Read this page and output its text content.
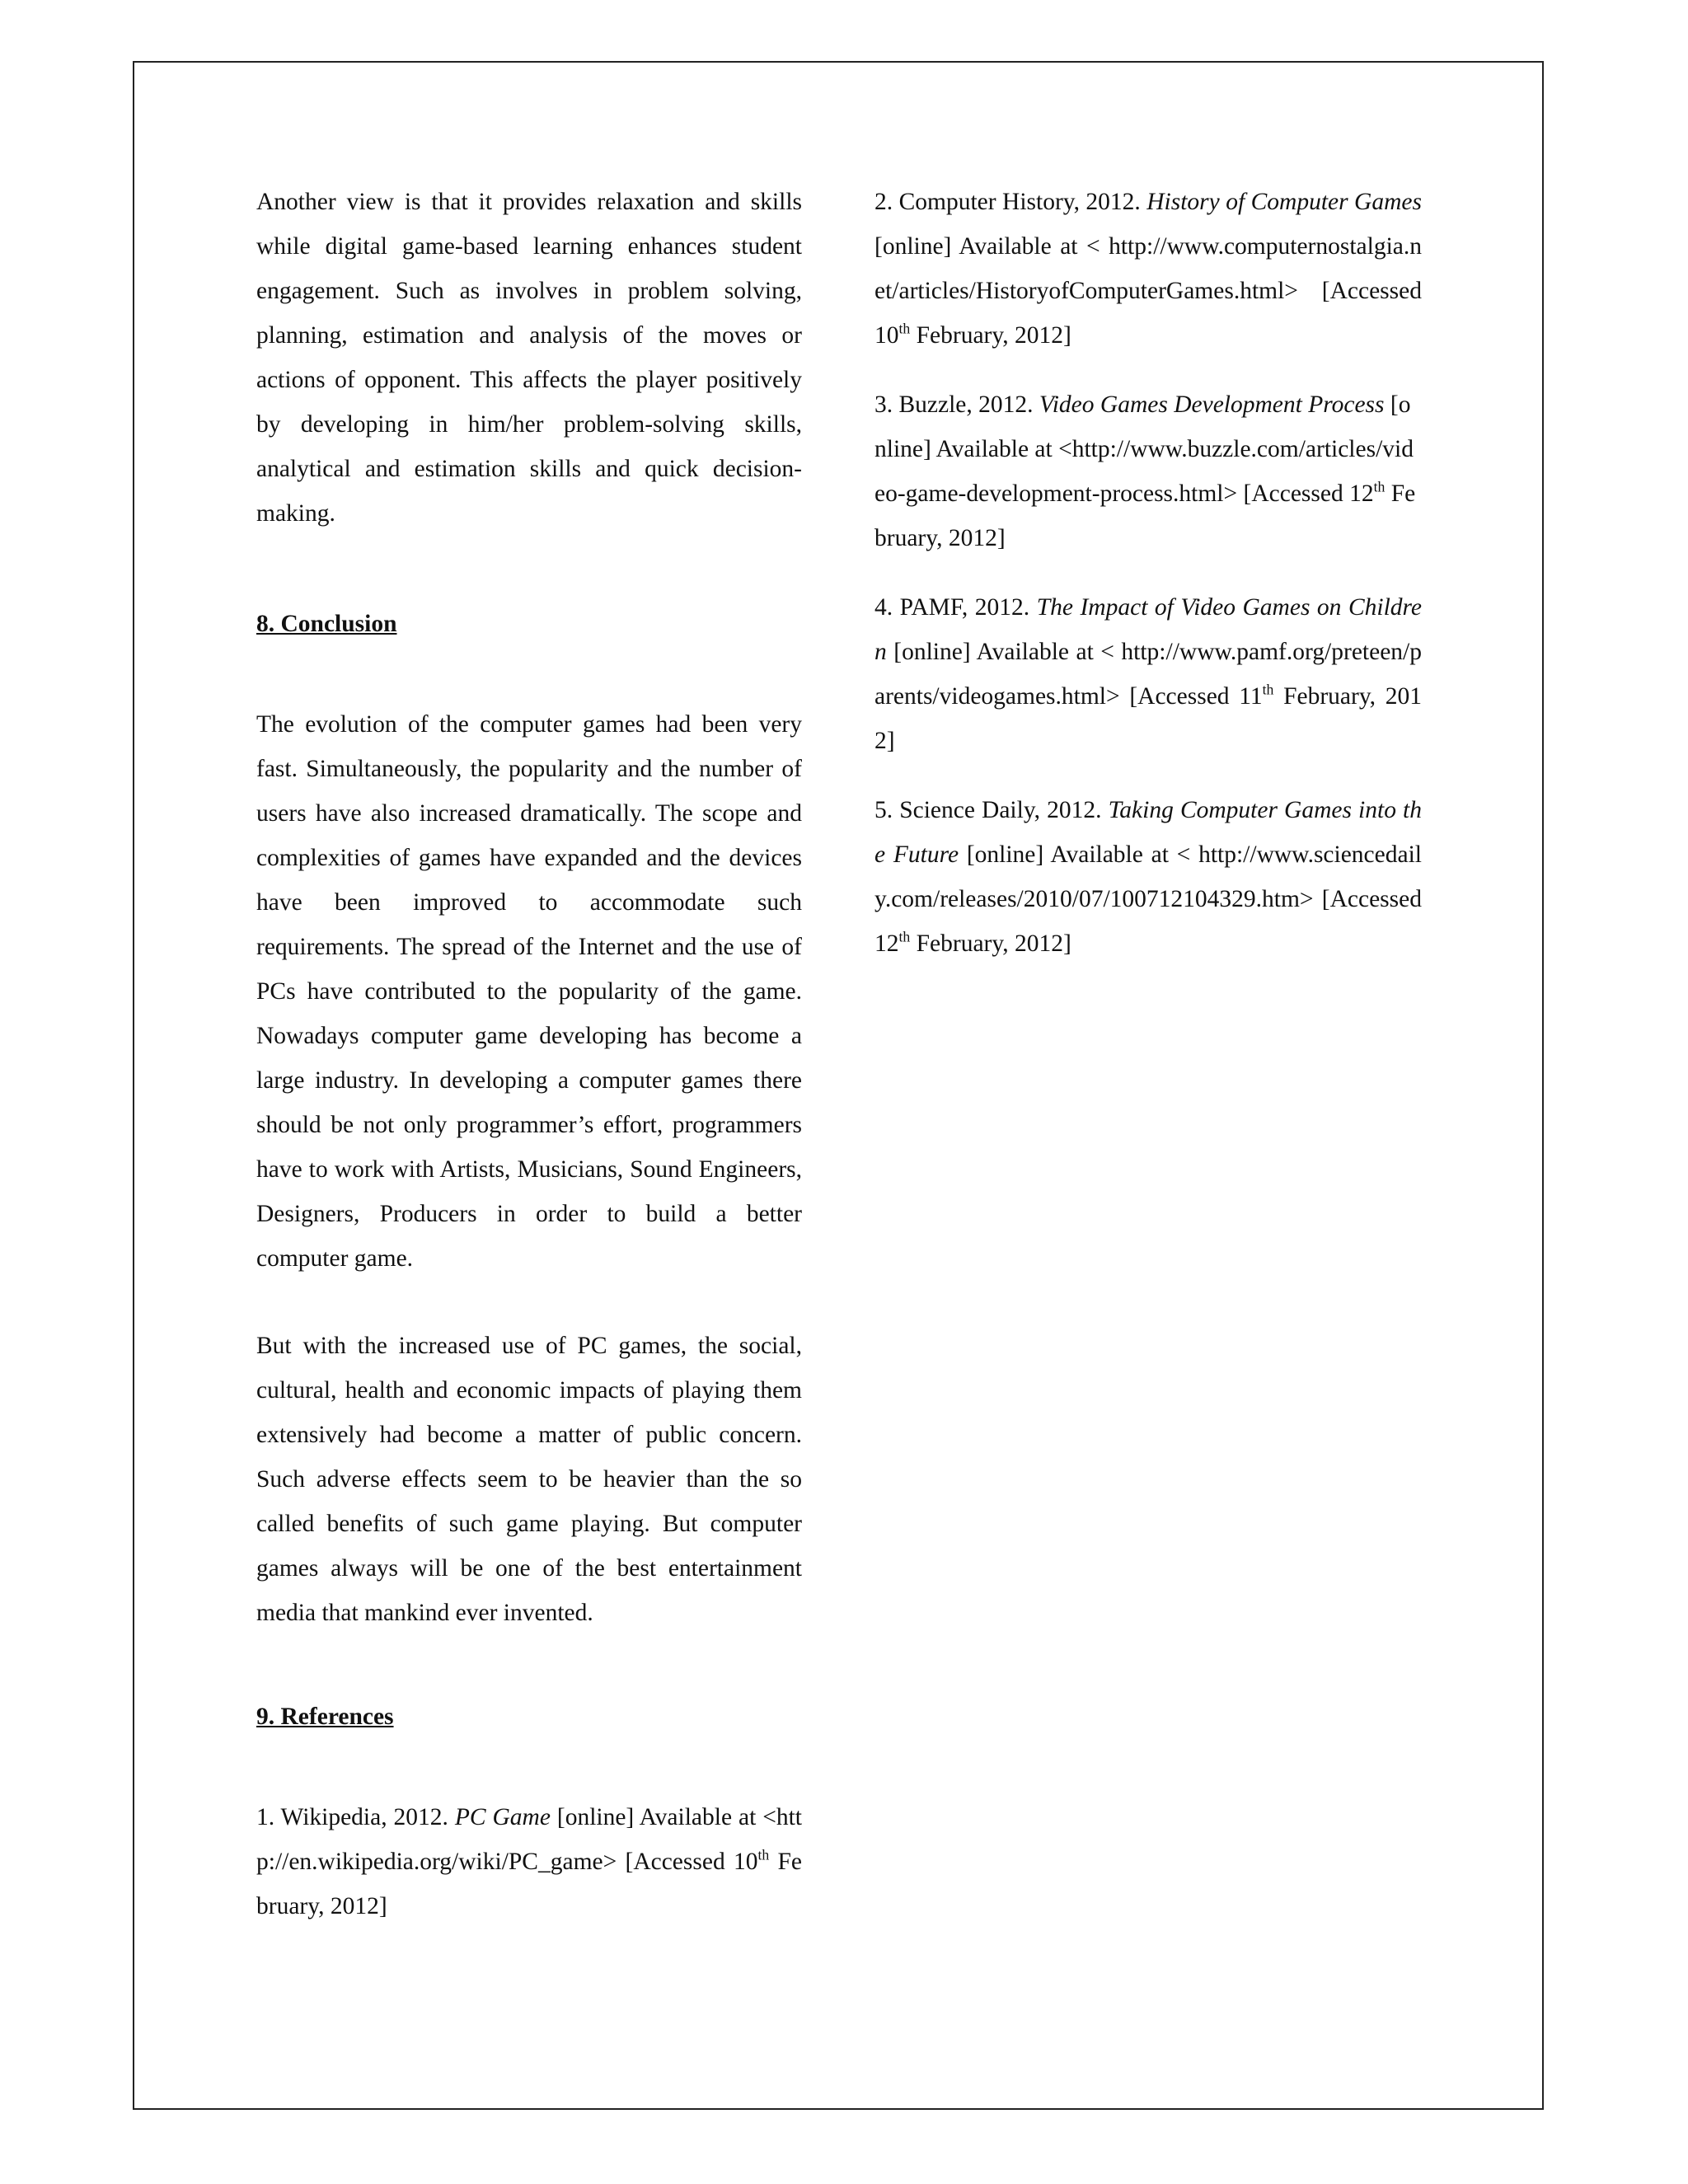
Another view is that it provides relaxation and skills while digital game-based learning enhances student engagement. Such as involves in problem solving, planning, estimation and analysis of the moves or actions of opponent. This affects the player positively by developing in him/her problem-solving skills, analytical and estimation skills and quick decision-making.

8. Conclusion

The evolution of the computer games had been very fast. Simultaneously, the popularity and the number of users have also increased dramatically. The scope and complexities of games have expanded and the devices have been improved to accommodate such requirements. The spread of the Internet and the use of PCs have contributed to the popularity of the game. Nowadays computer game developing has become a large industry. In developing a computer games there should be not only programmer’s effort, programmers have to work with Artists, Musicians, Sound Engineers, Designers, Producers in order to build a better computer game.

But with the increased use of PC games, the social, cultural, health and economic impacts of playing them extensively had become a matter of public concern. Such adverse effects seem to be heavier than the so called benefits of such game playing. But computer games always will be one of the best entertainment media that mankind ever invented.

9. References

1. Wikipedia, 2012. PC Game [online] Available at <http://en.wikipedia.org/wiki/PC_game> [Accessed 10th February, 2012]

2. Computer History, 2012. History of Computer Games [online] Available at < http://www.computernostalgia.net/articles/HistoryofComputerGames.html> [Accessed 10th February, 2012]

3. Buzzle, 2012. Video Games Development Process [online] Available at <http://www.buzzle.com/articles/video-game-development-process.html> [Accessed 12th February, 2012]

4. PAMF, 2012. The Impact of Video Games on Children [online] Available at < http://www.pamf.org/preteen/parents/videogames.html> [Accessed 11th February, 2012]

5. Science Daily, 2012. Taking Computer Games into the Future [online] Available at < http://www.sciencedaily.com/releases/2010/07/100712104329.htm> [Accessed 12th February, 2012]
